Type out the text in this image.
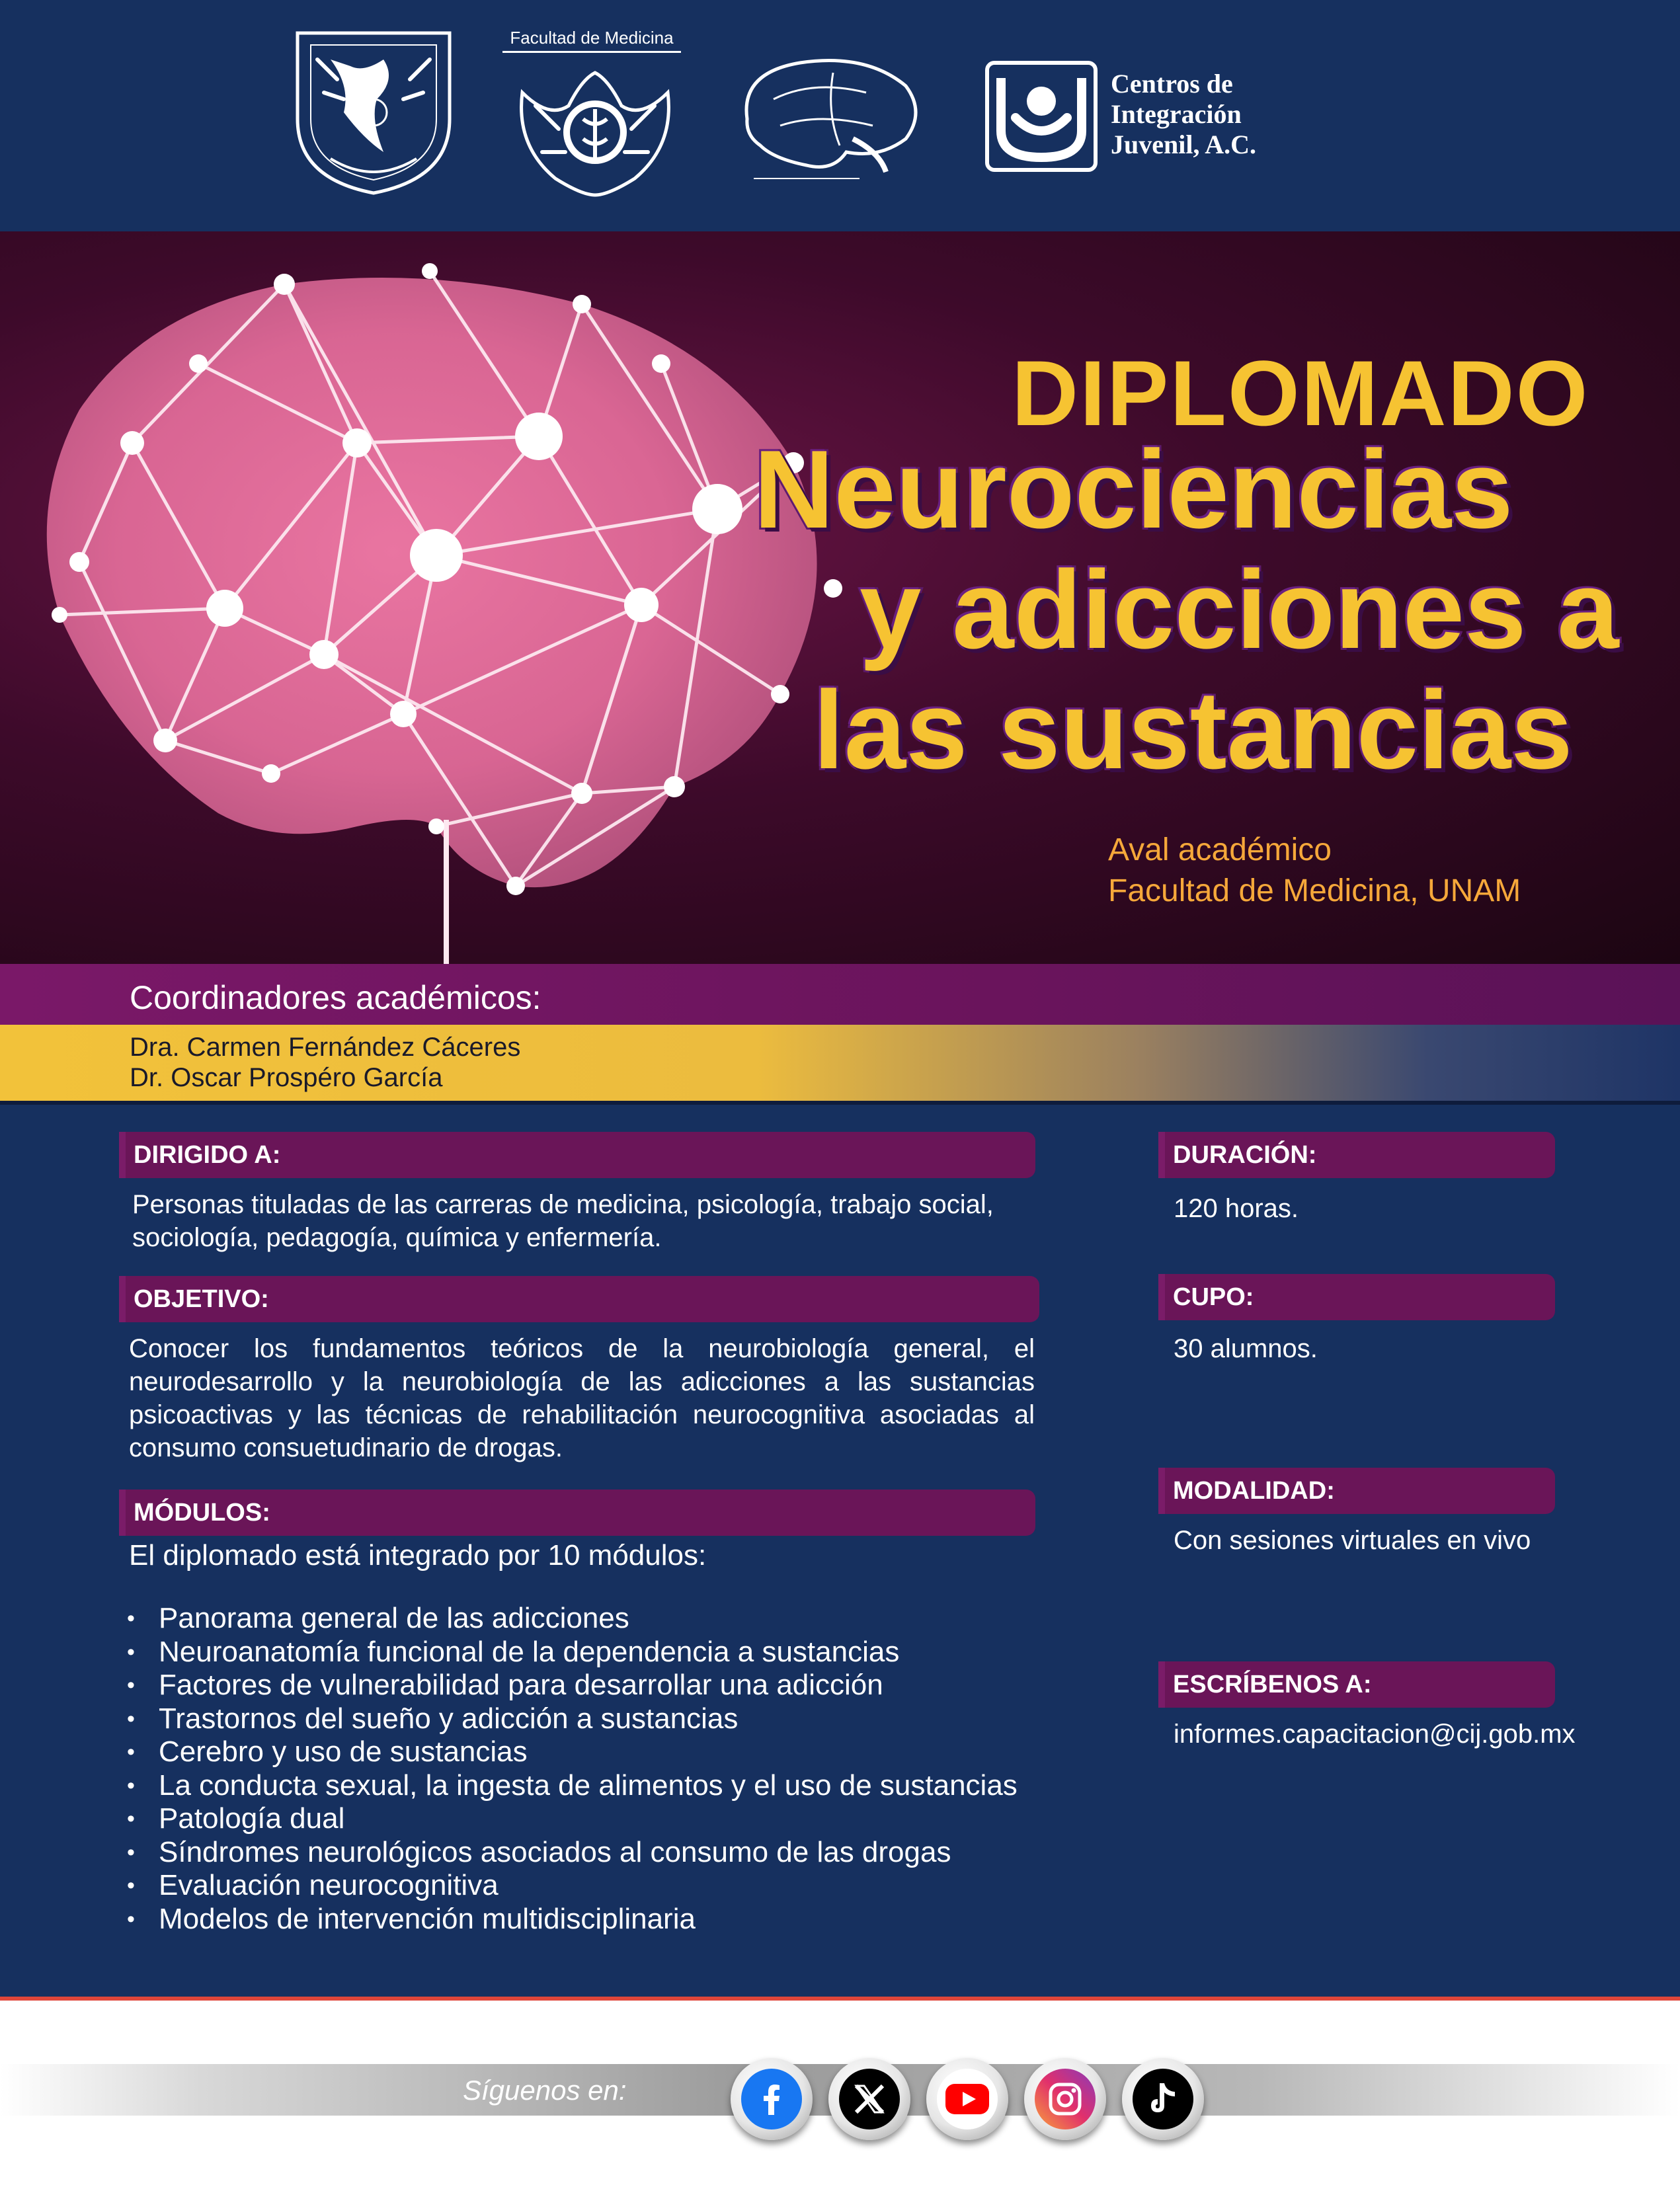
Facultad de Medicina
Centros de
Integración
Juvenil, A.C.
DIPLOMADO
Neurociencias
y adicciones a
las sustancias
Aval académico
Facultad de Medicina, UNAM
Coordinadores académicos:
Dra. Carmen Fernández Cáceres
Dr. Oscar Prospéro García
DIRIGIDO A:
Personas tituladas de las carreras de medicina, psicología, trabajo social, sociología, pedagogía, química y enfermería.
OBJETIVO:
Conocer los fundamentos teóricos de la neurobiología general, el neurodesarrollo y la neurobiología de las adicciones a las sustancias psicoactivas y las técnicas de rehabilitación neurocognitiva asociadas al consumo consuetudinario de drogas.
MÓDULOS:
El diplomado está integrado por 10 módulos:
• Panorama general de las adicciones
• Neuroanatomía funcional de la dependencia a sustancias
• Factores de vulnerabilidad para desarrollar una adicción
• Trastornos del sueño y adicción a sustancias
• Cerebro y uso de sustancias
• La conducta sexual, la ingesta de alimentos y el uso de sustancias
• Patología dual
• Síndromes neurológicos asociados al consumo de las drogas
• Evaluación neurocognitiva
• Modelos de intervención multidisciplinaria
DURACIÓN:
120 horas.
CUPO:
30 alumnos.
MODALIDAD:
Con sesiones virtuales en vivo
ESCRÍBENOS A:
informes.capacitacion@cij.gob.mx
Síguenos en:
